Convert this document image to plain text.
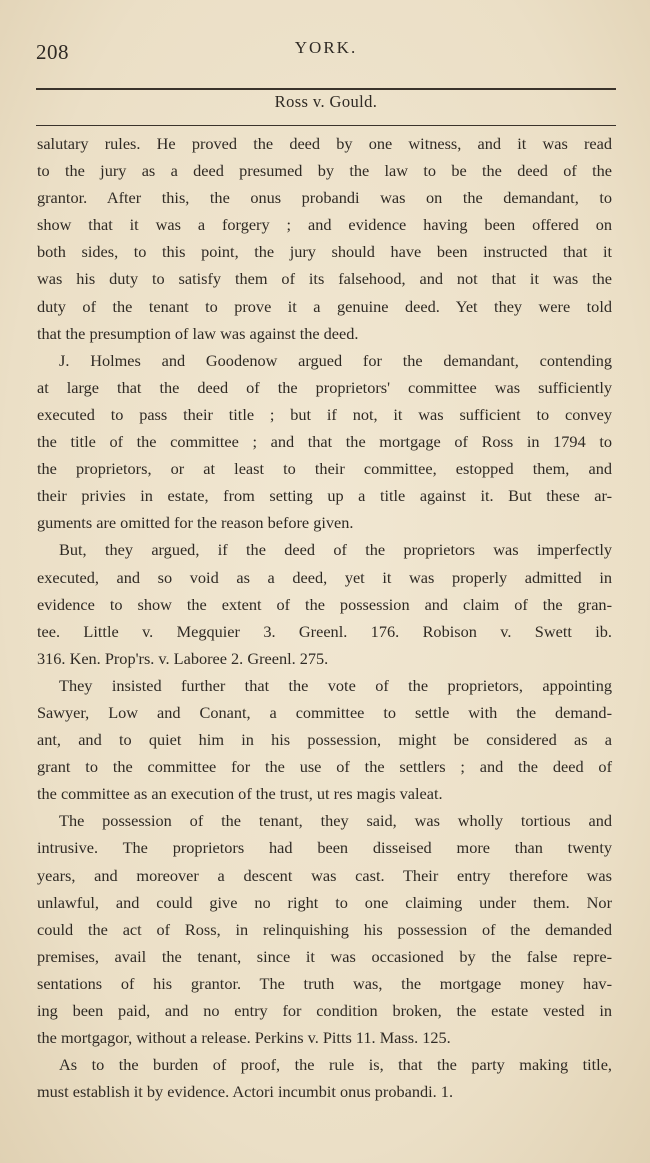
208	YORK.
Ross v. Gould.
salutary rules. He proved the deed by one witness, and it was read
to the jury as a deed presumed by the law to be the deed of the
grantor. After this, the onus probandi was on the demandant, to
show that it was a forgery ; and evidence having been offered on
both sides, to this point, the jury should have been instructed that it
was his duty to satisfy them of its falsehood, and not that it was the
duty of the tenant to prove it a genuine deed. Yet they were told
that the presumption of law was against the deed.
J. Holmes and Goodenow argued for the demandant, contending
at large that the deed of the proprietors' committee was sufficiently
executed to pass their title ; but if not, it was sufficient to convey
the title of the committee ; and that the mortgage of Ross in 1794 to
the proprietors, or at least to their committee, estopped them, and
their privies in estate, from setting up a title against it. But these ar-
guments are omitted for the reason before given.
But, they argued, if the deed of the proprietors was imperfectly
executed, and so void as a deed, yet it was properly admitted in
evidence to show the extent of the possession and claim of the gran-
tee. Little v. Megquier 3. Greenl. 176. Robison v. Swett ib.
316. Ken. Prop'rs. v. Laboree 2. Greenl. 275.
They insisted further that the vote of the proprietors, appointing
Sawyer, Low and Conant, a committee to settle with the demand-
ant, and to quiet him in his possession, might be considered as a
grant to the committee for the use of the settlers ; and the deed of
the committee as an execution of the trust, ut res magis valeat.
The possession of the tenant, they said, was wholly tortious and
intrusive. The proprietors had been disseised more than twenty
years, and moreover a descent was cast. Their entry therefore was
unlawful, and could give no right to one claiming under them. Nor
could the act of Ross, in relinquishing his possession of the demanded
premises, avail the tenant, since it was occasioned by the false repre-
sentations of his grantor. The truth was, the mortgage money hav-
ing been paid, and no entry for condition broken, the estate vested in
the mortgagor, without a release. Perkins v. Pitts 11. Mass. 125.
As to the burden of proof, the rule is, that the party making title,
must establish it by evidence. Actori incumbit onus probandi. 1.
